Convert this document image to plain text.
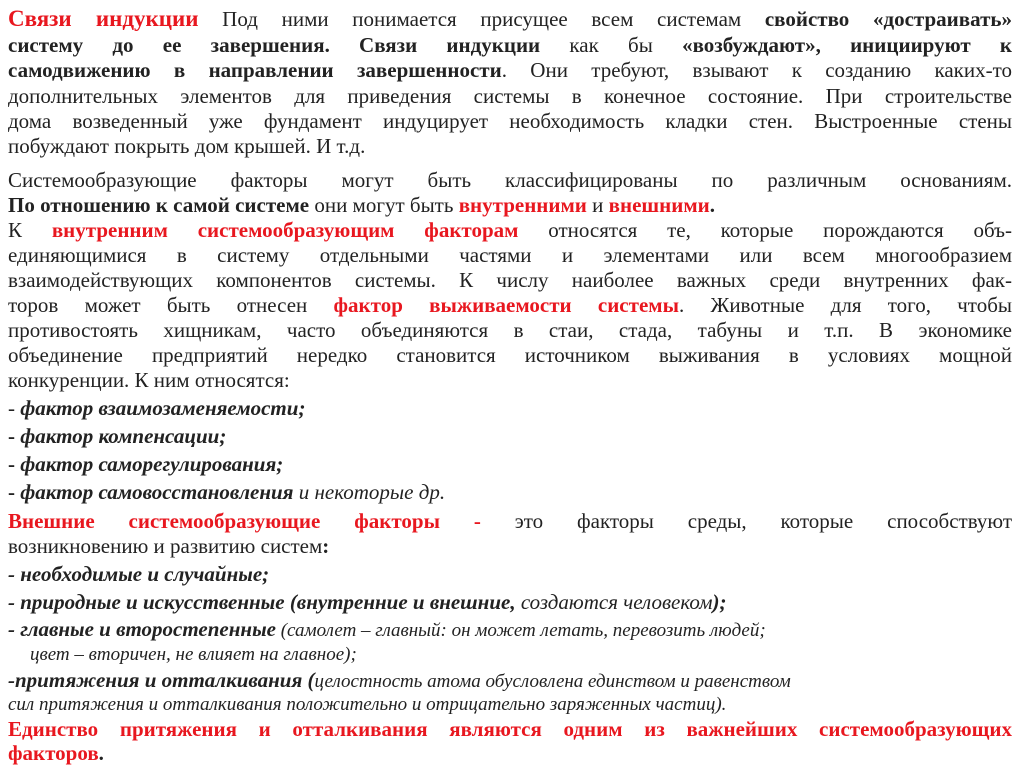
Связи индукции Под ними понимается присущее всем системам свойство «достраивать»
систему до ее завершения. Связи индукции как бы «возбуждают», инициируют к
самодвижению в направлении завершенности. Они требуют, взывают к созданию каких-то
дополнительных элементов для приведения системы в конечное состояние. При строительстве
дома возведенный уже фундамент индуцирует необходимость кладки стен. Выстроенные стены
побуждают покрыть дом крышей. И т.д.
Системообразующие факторы могут быть классифицированы по различным основаниям.
По отношению к самой системе они могут быть внутренними и внешними.
К внутренним системообразующим факторам относятся те, которые порождаются объ-
единяющимися в систему отдельными частями и элементами или всем многообразием
взаимодействующих компонентов системы. К числу наиболее важных среди внутренних фак-
торов может быть отнесен фактор выживаемости системы. Животные для того, чтобы
противостоять хищникам, часто объединяются в стаи, стада, табуны и т.п. В экономике
объединение предприятий нередко становится источником выживания в условиях мощной
конкуренции. К ним относятся:
- фактор взаимозаменяемости;
- фактор компенсации;
- фактор саморегулирования;
- фактор самовосстановления и некоторые др.
Внешние системообразующие факторы - это факторы среды, которые способствуют
возникновению и развитию систем:
- необходимые и случайные;
- природные и искусственные (внутренние и внешние, создаются человеком);
- главные и второстепенные (самолет – главный: он может летать, перевозить людей;
цвет – вторичен, не влияет на главное);
-притяжения и отталкивания (целостность атома обусловлена единством и равенством
сил притяжения и отталкивания положительно и отрицательно заряженных частиц).
Единство притяжения и отталкивания являются одним из важнейших системообразующих
факторов.
